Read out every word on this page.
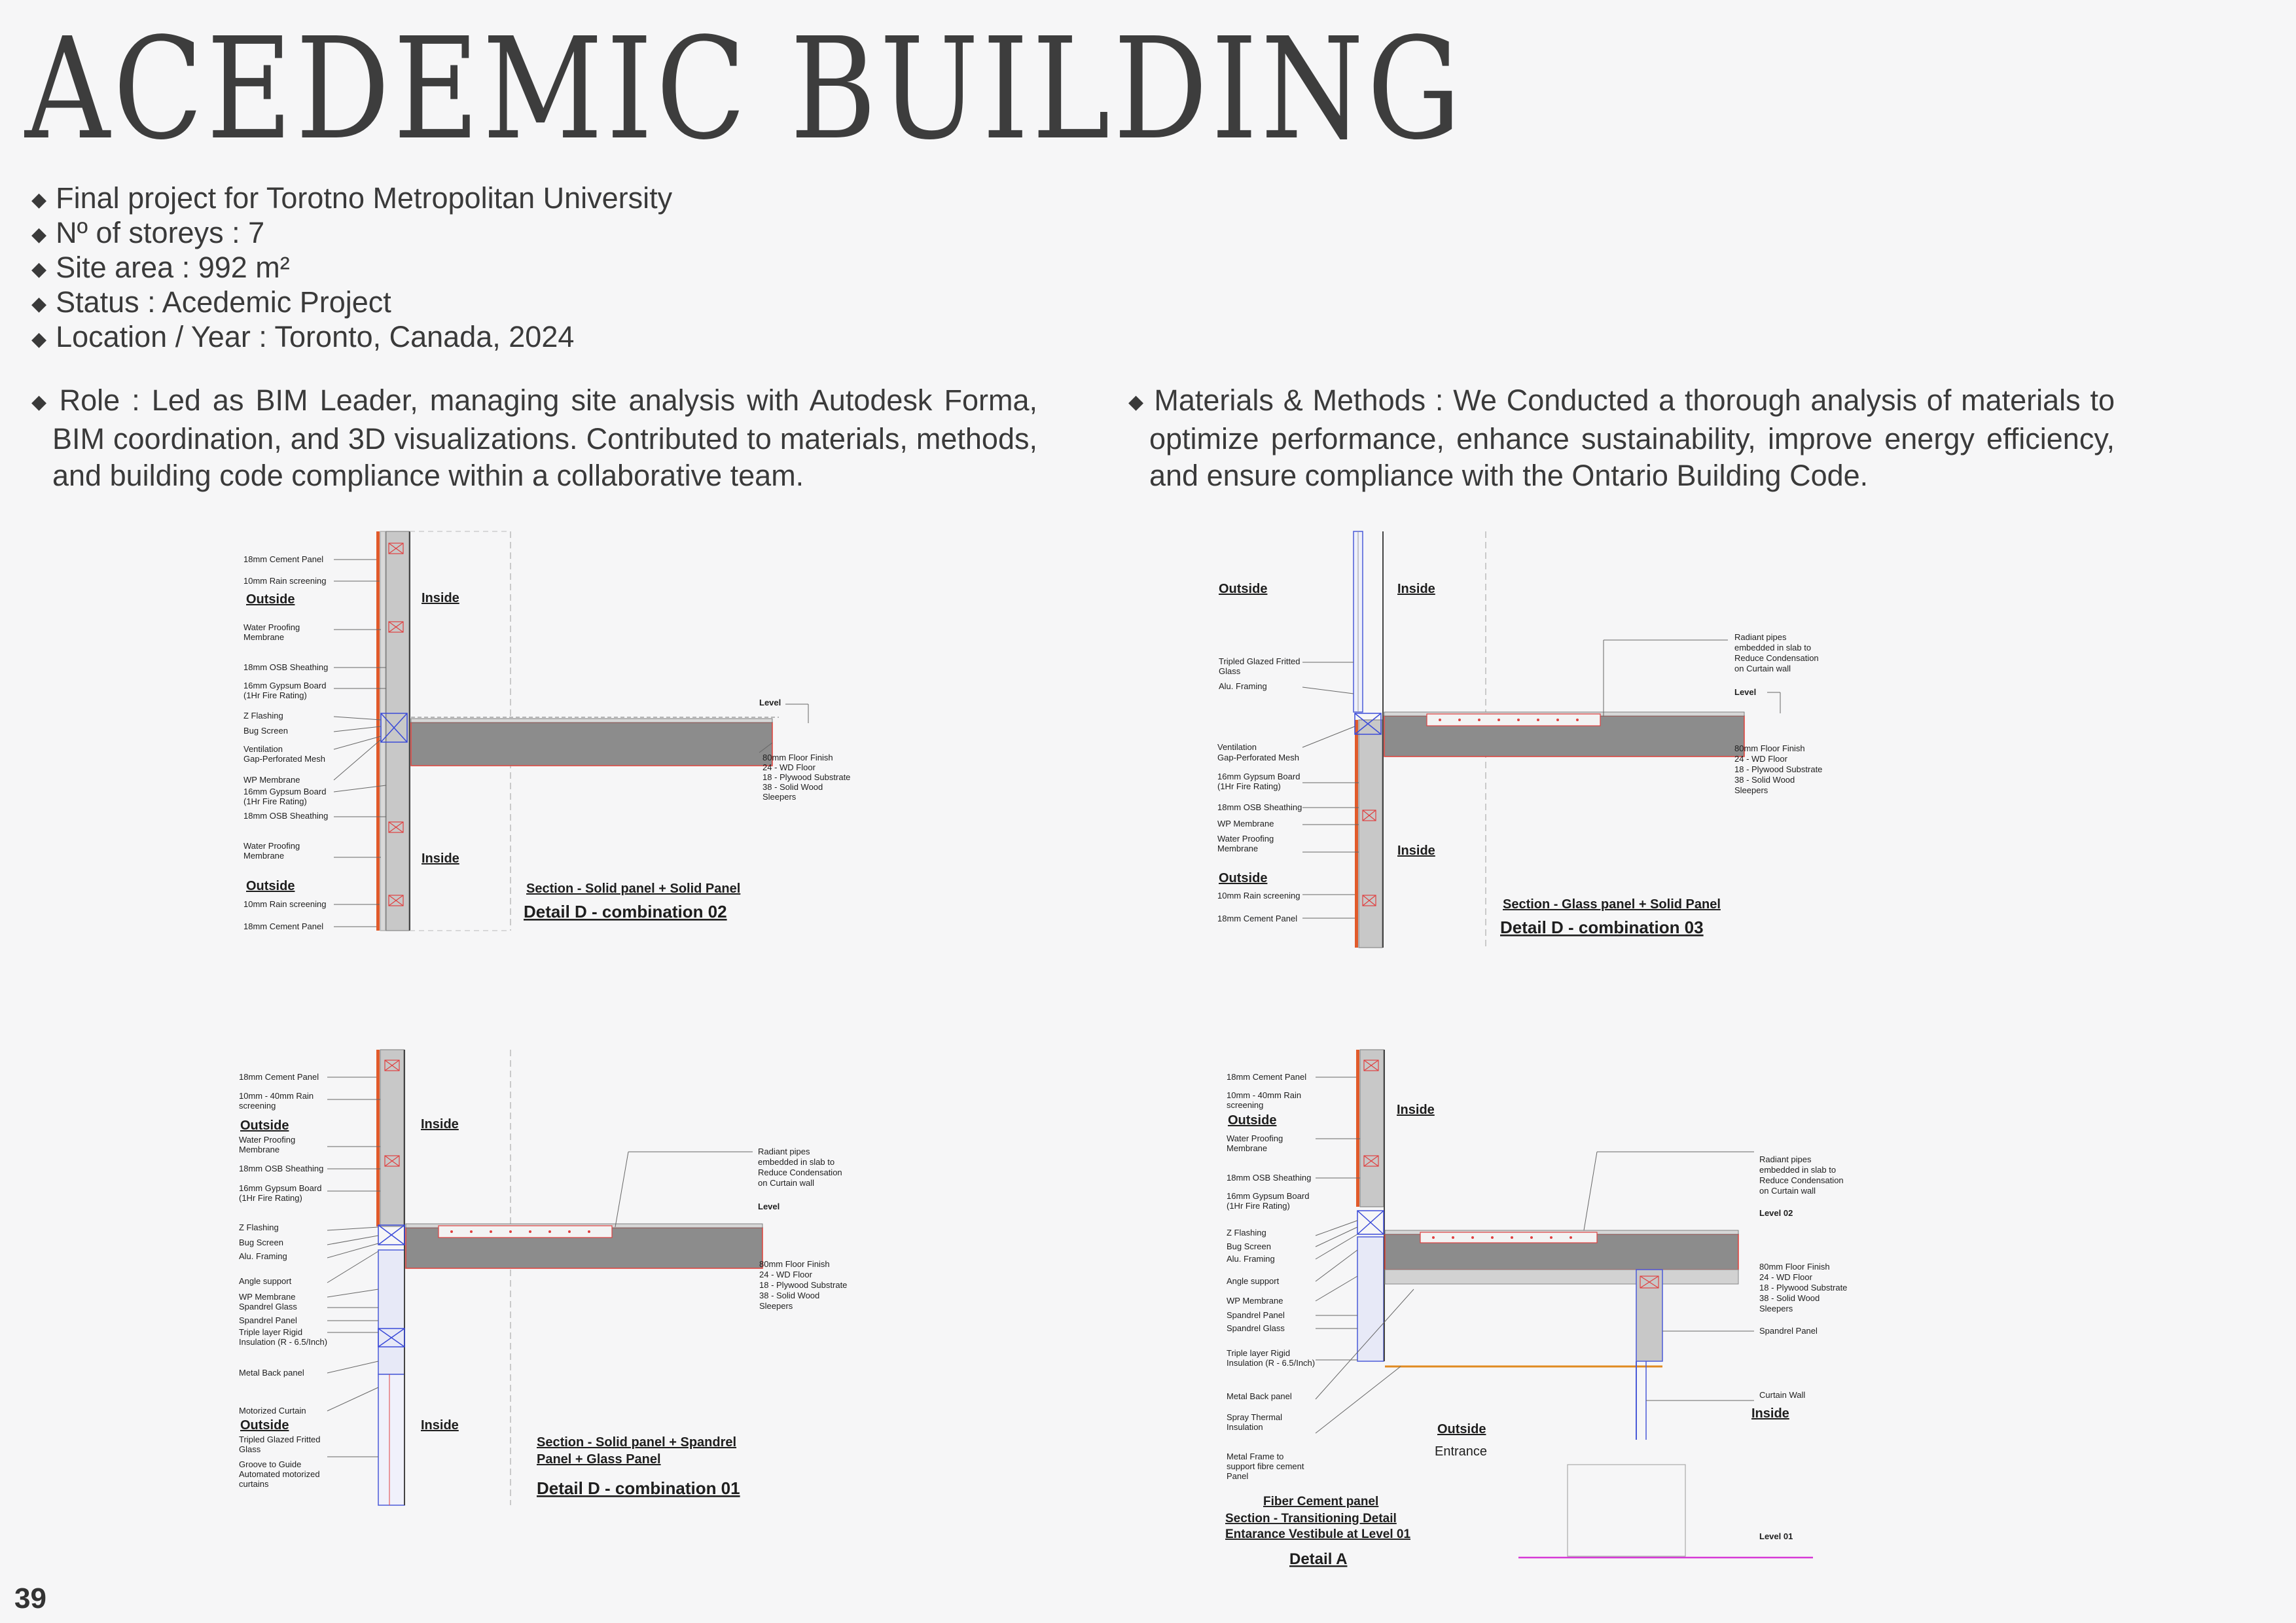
ACEDEMIC BUILDING
◆ Final project for Torotno Metropolitan University
◆ Nº of storeys : 7
◆ Site area : 992 m²
◆ Status : Acedemic Project
◆ Location / Year : Toronto, Canada, 2024
◆ Role : Led as BIM Leader, managing site analysis with Autodesk Forma, BIM coordination, and 3D visualizations. Contributed to materials, methods, and building code compliance within a collaborative team.
◆ Materials & Methods : We Conducted a thorough analysis of materials to optimize performance, enhance sustainability, improve energy efficiency, and ensure compliance with the Ontario Building Code.
18mm Cement Panel
10mm Rain screening
Outside
Water Proofing
Membrane
18mm OSB Sheathing
16mm Gypsum Board
(1Hr Fire Rating)
Z Flashing
Bug Screen
Ventilation
Gap-Perforated Mesh
WP Membrane
16mm Gypsum Board
(1Hr Fire Rating)
18mm OSB Sheathing
Water Proofing
Membrane
Outside
10mm Rain screening
18mm Cement Panel
Inside
Inside
Level
80mm Floor Finish
24 - WD Floor
18 - Plywood Substrate
38 - Solid Wood
Sleepers
Section - Solid panel + Solid Panel
Detail D - combination 02
Outside	Inside
Tripled Glazed Fritted
Glass
Alu. Framing
Ventilation
Gap-Perforated Mesh
16mm Gypsum Board
(1Hr Fire Rating)
18mm OSB Sheathing
WP Membrane
Water Proofing
Membrane
Outside
10mm Rain screening
18mm Cement Panel
Inside
Radiant pipes
embedded in slab to
Reduce Condensation
on Curtain wall
Level
80mm Floor Finish
24 - WD Floor
18 - Plywood Substrate
38 - Solid Wood
Sleepers
Section - Glass panel + Solid Panel
Detail D - combination 03
18mm Cement Panel
10mm - 40mm Rain
screening
Outside
Water Proofing
Membrane
18mm OSB Sheathing
16mm Gypsum Board
(1Hr Fire Rating)
Z Flashing
Bug Screen
Alu. Framing
Angle support
WP Membrane
Spandrel Glass
Spandrel Panel
Triple layer Rigid
Insulation (R - 6.5/Inch)
Metal Back panel
Motorized Curtain
Outside
Tripled Glazed Fritted
Glass
Groove to Guide
Automated motorized
curtains
Inside
Inside
Radiant pipes
embedded in slab to
Reduce Condensation
on Curtain wall
Level
80mm Floor Finish
24 - WD Floor
18 - Plywood Substrate
38 - Solid Wood
Sleepers
Section - Solid panel + Spandrel
Panel + Glass Panel
Detail D - combination 01
18mm Cement Panel
10mm - 40mm Rain
screening
Outside
Water Proofing
Membrane
18mm OSB Sheathing
16mm Gypsum Board
(1Hr Fire Rating)
Z Flashing
Bug Screen
Alu. Framing
Angle support
WP Membrane
Spandrel Panel
Spandrel Glass
Triple layer Rigid
Insulation (R - 6.5/Inch)
Metal Back panel
Spray Thermal
Insulation
Metal Frame to
support fibre cement
Panel
Inside
Outside
Entrance
Inside
Radiant pipes
embedded in slab to
Reduce Condensation
on Curtain wall
Level 02
80mm Floor Finish
24 - WD Floor
18 - Plywood Substrate
38 - Solid Wood
Sleepers
Spandrel Panel
Curtain Wall
Level 01
Fiber Cement panel
Section - Transitioning Detail
Entarance Vestibule at Level 01
Detail A
39
